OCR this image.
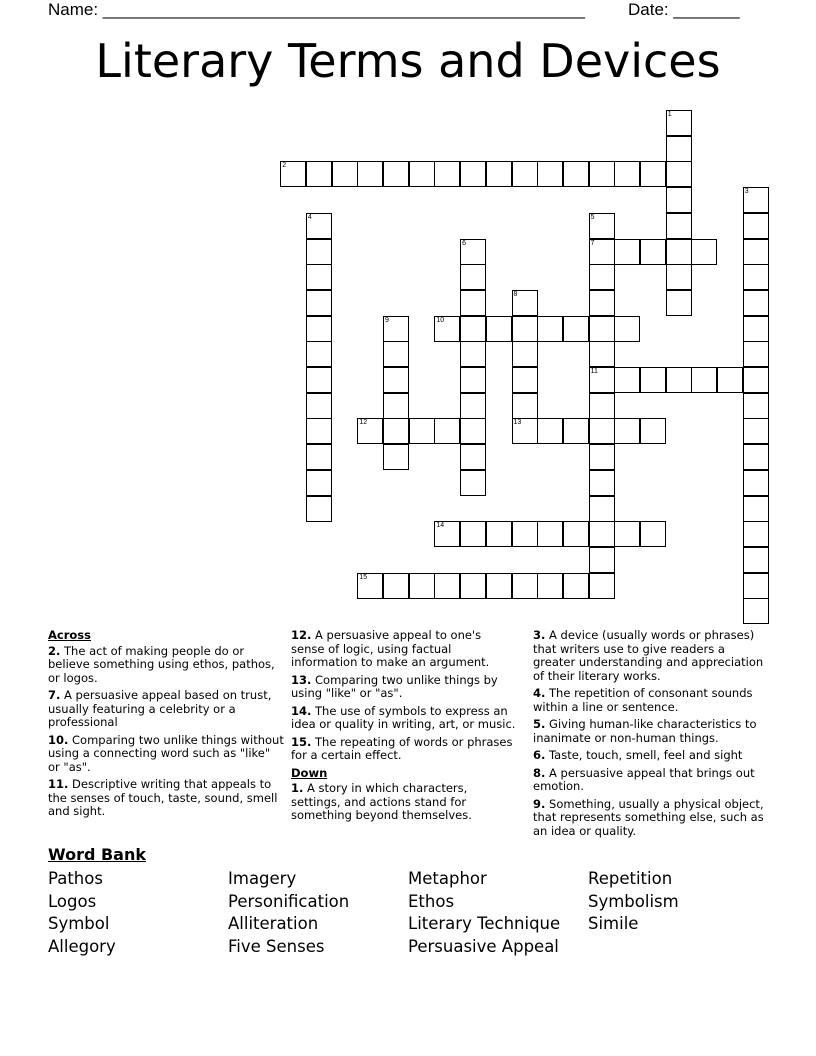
Name: ___________________________________________________	Date: _______
Literary Terms and Devices
1
2
3
4	5
7
11
6
8
13
9	10
12
14
15
Across
2. The act of making people do or believe something using ethos, pathos, or logos.
7. A persuasive appeal based on trust, usually featuring a celebrity or a professional
10. Comparing two unlike things without using a connecting word such as "like" or "as".
11. Descriptive writing that appeals to the senses of touch, taste, sound, smell and sight.
12. A persuasive appeal to one's sense of logic, using factual information to make an argument.
13. Comparing two unlike things by using "like" or "as".
14. The use of symbols to express an idea or quality in writing, art, or music.
15. The repeating of words or phrases for a certain effect.
Down
1. A story in which characters, settings, and actions stand for something beyond themselves.
3. A device (usually words or phrases) that writers use to give readers a greater understanding and appreciation of their literary works.
4. The repetition of consonant sounds within a line or sentence.
5. Giving human-like characteristics to inanimate or non-human things.
6. Taste, touch, smell, feel and sight
8. A persuasive appeal that brings out emotion.
9. Something, usually a physical object, that represents something else, such as an idea or quality.
Word Bank
Pathos
Logos
Symbol
Allegory
Imagery
Personification
Alliteration
Five Senses
Metaphor
Ethos
Literary Technique
Persuasive Appeal
Repetition
Symbolism
Simile
